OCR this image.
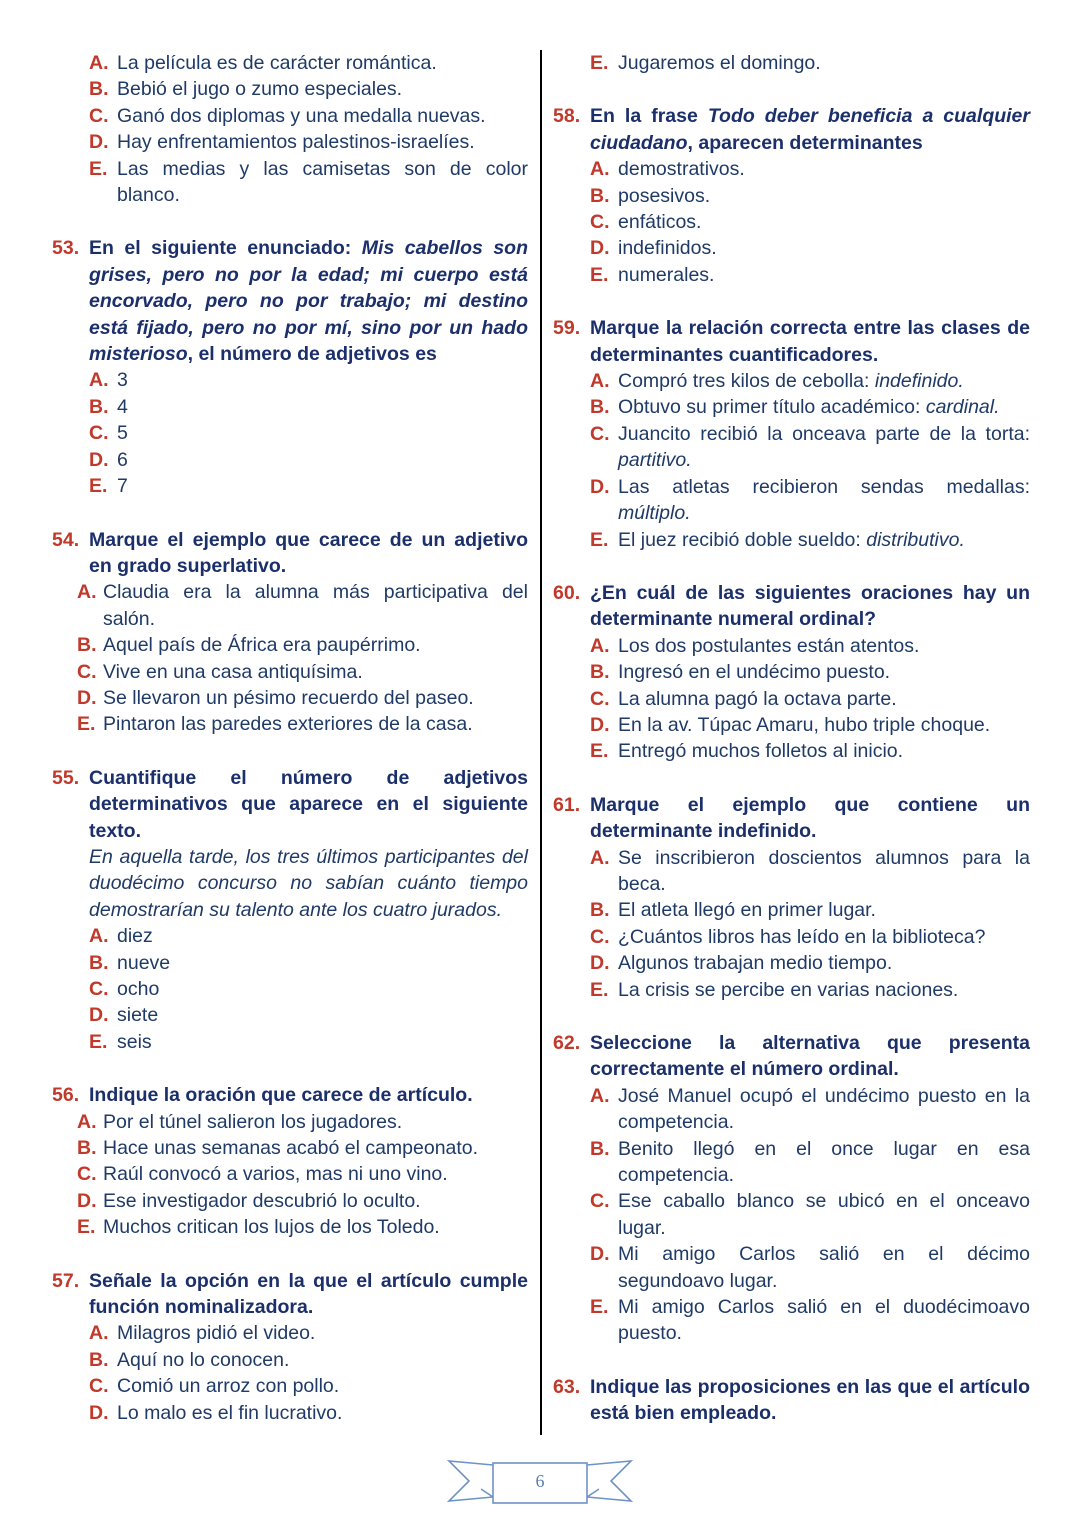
A. La película es de carácter romántica.
B. Bebió el jugo o zumo especiales.
C. Ganó dos diplomas y una medalla nuevas.
D. Hay enfrentamientos palestinos-israelíes.
E. Las medias y las camisetas son de color blanco.
53. En el siguiente enunciado: Mis cabellos son grises, pero no por la edad; mi cuerpo está encorvado, pero no por trabajo; mi destino está fijado, pero no por mí, sino por un hado misterioso, el número de adjetivos es
A. 3
B. 4
C. 5
D. 6
E. 7
54. Marque el ejemplo que carece de un adjetivo en grado superlativo.
A. Claudia era la alumna más participativa del salón.
B. Aquel país de África era paupérrimo.
C. Vive en una casa antiquísima.
D. Se llevaron un pésimo recuerdo del paseo.
E. Pintaron las paredes exteriores de la casa.
55. Cuantifique el número de adjetivos determinativos que aparece en el siguiente texto.
En aquella tarde, los tres últimos participantes del duodécimo concurso no sabían cuánto tiempo demostrarían su talento ante los cuatro jurados.
A. diez
B. nueve
C. ocho
D. siete
E. seis
56. Indique la oración que carece de artículo.
A. Por el túnel salieron los jugadores.
B. Hace unas semanas acabó el campeonato.
C. Raúl convocó a varios, mas ni uno vino.
D. Ese investigador descubrió lo oculto.
E. Muchos critican los lujos de los Toledo.
57. Señale la opción en la que el artículo cumple función nominalizadora.
A. Milagros pidió el video.
B. Aquí no lo conocen.
C. Comió un arroz con pollo.
D. Lo malo es el fin lucrativo.
E. Jugaremos el domingo.
58. En la frase Todo deber beneficia a cualquier ciudadano, aparecen determinantes
A. demostrativos.
B. posesivos.
C. enfáticos.
D. indefinidos.
E. numerales.
59. Marque la relación correcta entre las clases de determinantes cuantificadores.
A. Compró tres kilos de cebolla: indefinido.
B. Obtuvo su primer título académico: cardinal.
C. Juancito recibió la onceava parte de la torta: partitivo.
D. Las atletas recibieron sendas medallas: múltiplo.
E. El juez recibió doble sueldo: distributivo.
60. ¿En cuál de las siguientes oraciones hay un determinante numeral ordinal?
A. Los dos postulantes están atentos.
B. Ingresó en el undécimo puesto.
C. La alumna pagó la octava parte.
D. En la av. Túpac Amaru, hubo triple choque.
E. Entregó muchos folletos al inicio.
61. Marque el ejemplo que contiene un determinante indefinido.
A. Se inscribieron doscientos alumnos para la beca.
B. El atleta llegó en primer lugar.
C. ¿Cuántos libros has leído en la biblioteca?
D. Algunos trabajan medio tiempo.
E. La crisis se percibe en varias naciones.
62. Seleccione la alternativa que presenta correctamente el número ordinal.
A. José Manuel ocupó el undécimo puesto en la competencia.
B. Benito llegó en el once lugar en esa competencia.
C. Ese caballo blanco se ubicó en el onceavo lugar.
D. Mi amigo Carlos salió en el décimo segundoavo lugar.
E. Mi amigo Carlos salió en el duodécimoavo puesto.
63. Indique las proposiciones en las que el artículo está bien empleado.
6
